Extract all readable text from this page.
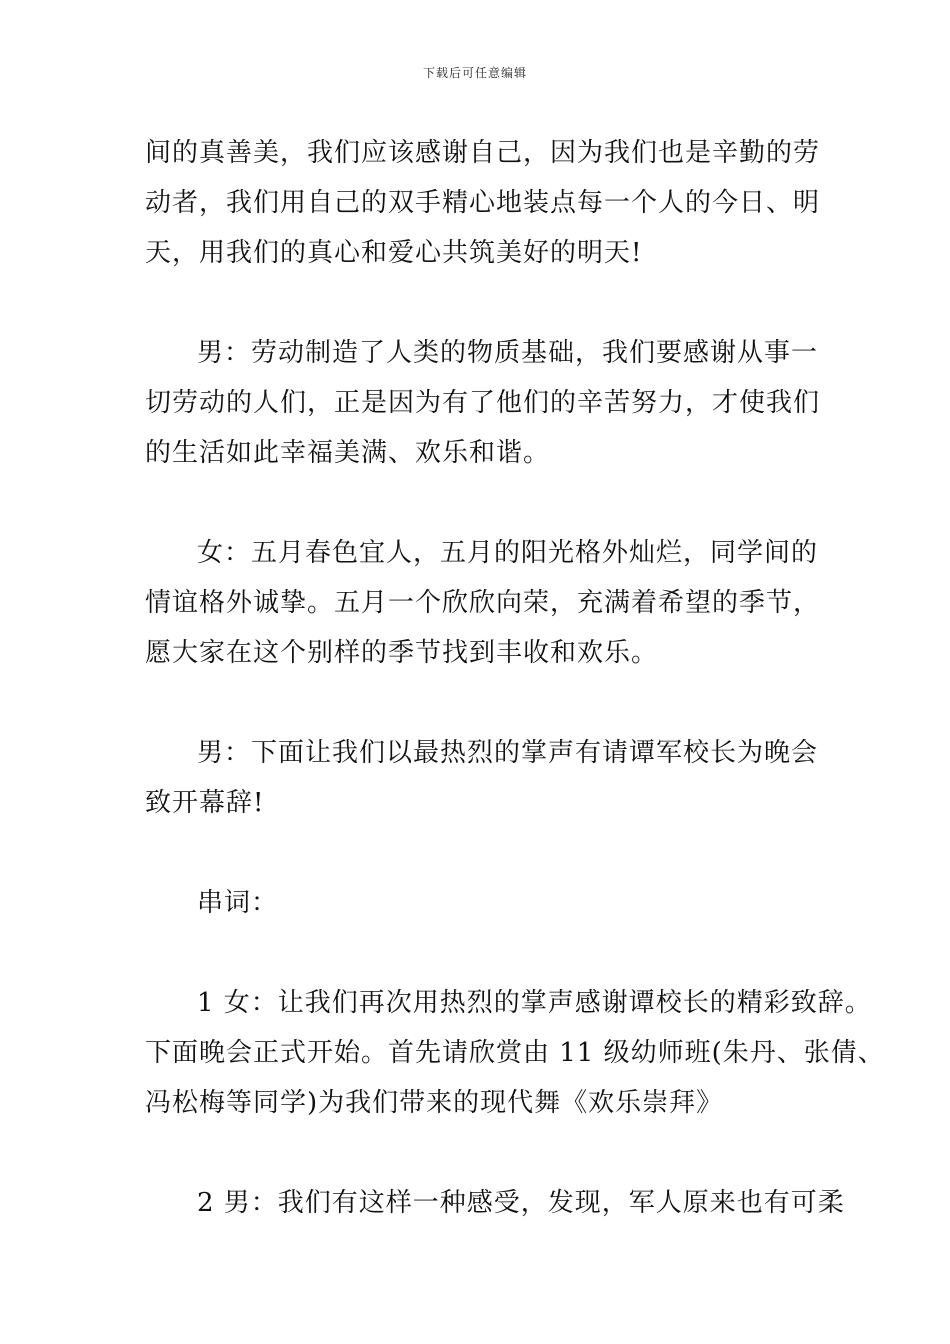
下载后可任意编辑

间的真善美，我们应该感谢自己，因为我们也是辛勤的劳
动者，我们用自己的双手精心地装点每一个人的今日、明
天，用我们的真心和爱心共筑美好的明天!

男：劳动制造了人类的物质基础，我们要感谢从事一
切劳动的人们，正是因为有了他们的辛苦努力，才使我们
的生活如此幸福美满、欢乐和谐。

女：五月春色宜人，五月的阳光格外灿烂，同学间的
情谊格外诚挚。五月一个欣欣向荣，充满着希望的季节，
愿大家在这个别样的季节找到丰收和欢乐。

男：下面让我们以最热烈的掌声有请谭军校长为晚会
致开幕辞!

串词：

1 女：让我们再次用热烈的掌声感谢谭校长的精彩致辞。
下面晚会正式开始。首先请欣赏由 11 级幼师班(朱丹、张倩、
冯松梅等同学)为我们带来的现代舞《欢乐崇拜》

2 男：我们有这样一种感受，发现，军人原来也有可柔
